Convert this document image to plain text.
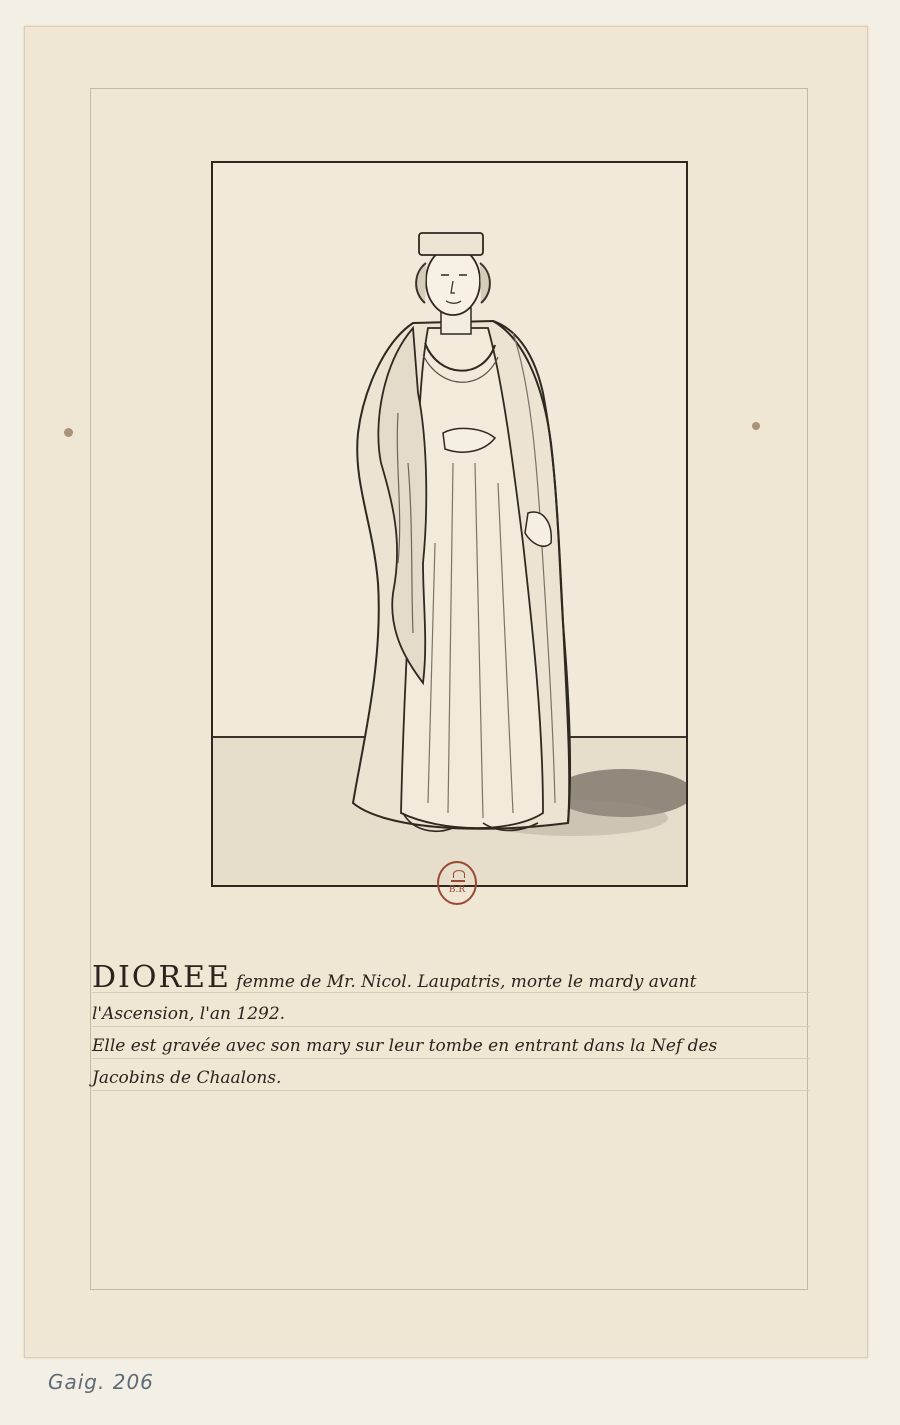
B.R
DIOREE femme de Mr. Nicol. Laupatris, morte le mardy avant
l'Ascension, l'an 1292.
Elle est gravée avec son mary sur leur tombe en entrant dans la Nef des
Jacobins de Chaalons.
Gaig. 206
